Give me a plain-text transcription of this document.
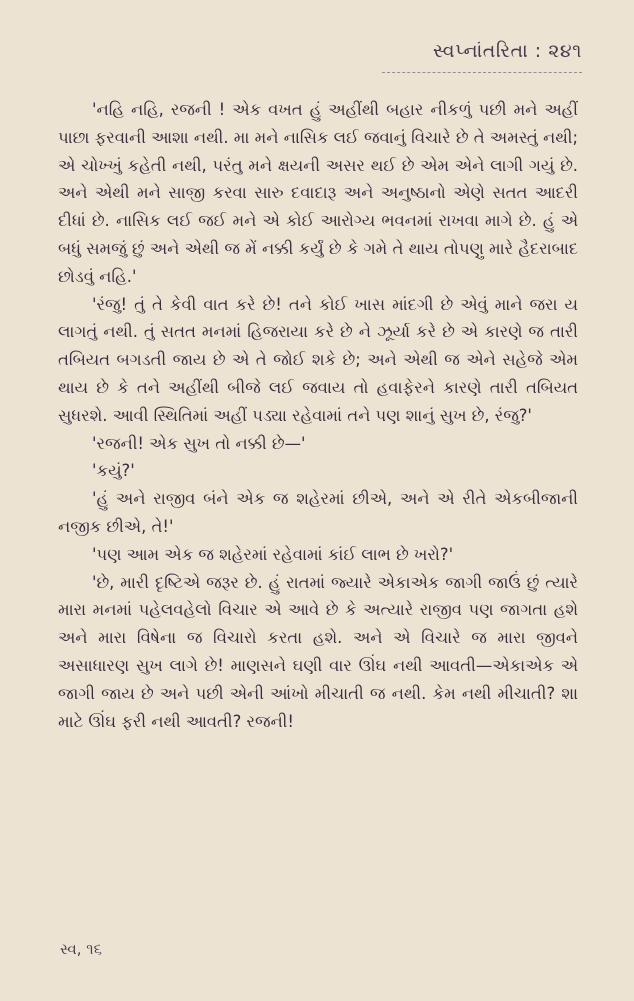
સ્વપ્નાંતરિતા : ૨૪૧

'નહિ નહિ, રજની ! એક વખત હું અહીંથી બહાર નીકળું પછી મને અહીં પાછા ફરવાની આશા નથી. મા મને નાસિક લઈ જવાનું વિચારે છે તે અમસ્તું નથી; એ ચોખ્ખું કહેતી નથી, પરંતુ મને ક્ષયની અસર થઈ છે એમ એને લાગી ગયું છે. અને એથી મને સાજી કરવા સારુ દવાદારૂ અને અનુષ્ઠાનો એણે સતત આદરી દીધાં છે. નાસિક લઈ જઈ મને એ કોઈ આરોગ્ય ભવનમાં રાખવા માગે છે. હું એ બધું સમજું છું અને એથી જ મેં નક્કી કર્યું છે કે ગમે તે થાય તોપણુ મારે હૈદરાબાદ છોડવું નહિ.'

'રંજુ! તું તે કેવી વાત કરે છે! તને કોઈ ખાસ માંદગી છે એવું માને જરા ય લાગતું નથી. તું સતત મનમાં હિજરાયા કરે છે ને ઝૂર્યા કરે છે એ કારણે જ તારી તબિયત બગડતી જાય છે એ તે જોઈ શકે છે; અને એથી જ એને સહેજે એમ થાય છે કે તને અહીંથી બીજે લઈ જવાય તો હવાફેરને કારણે તારી તબિયત સુધરશે. આવી સ્થિતિમાં અહીં પડ્યા રહેવામાં તને પણ શાનું સુખ છે, રંજુ?'

'રજની! એક સુખ તો નક્કી છે—'

'કયું?'

'હું અને રાજીવ બંને એક જ શહેરમાં છીએ, અને એ રીતે એકબીજાની નજીક છીએ, તે!'

'પણ આમ એક જ શહેરમાં રહેવામાં કાંઈ લાભ છે ખરો?'

'છે, મારી દૃષ્ટિએ જરૂર છે. હું રાતમાં જ્યારે એકાએક જાગી જાઉં છું ત્યારે મારા મનમાં પહેલવહેલો વિચાર એ આવે છે કે અત્યારે રાજીવ પણ જાગતા હશે અને મારા વિષેના જ વિચારો કરતા હશે. અને એ વિચારે જ મારા જીવને અસાધારણ સુખ લાગે છે! માણસને ઘણી વાર ઊંઘ નથી આવતી—એકાએક એ જાગી જાય છે અને પછી એની આંખો મીચાતી જ નથી. કેમ નથી મીચાતી? શા માટે ઊંઘ ફરી નથી આવતી? રજની!

સ્વ, ૧૬
